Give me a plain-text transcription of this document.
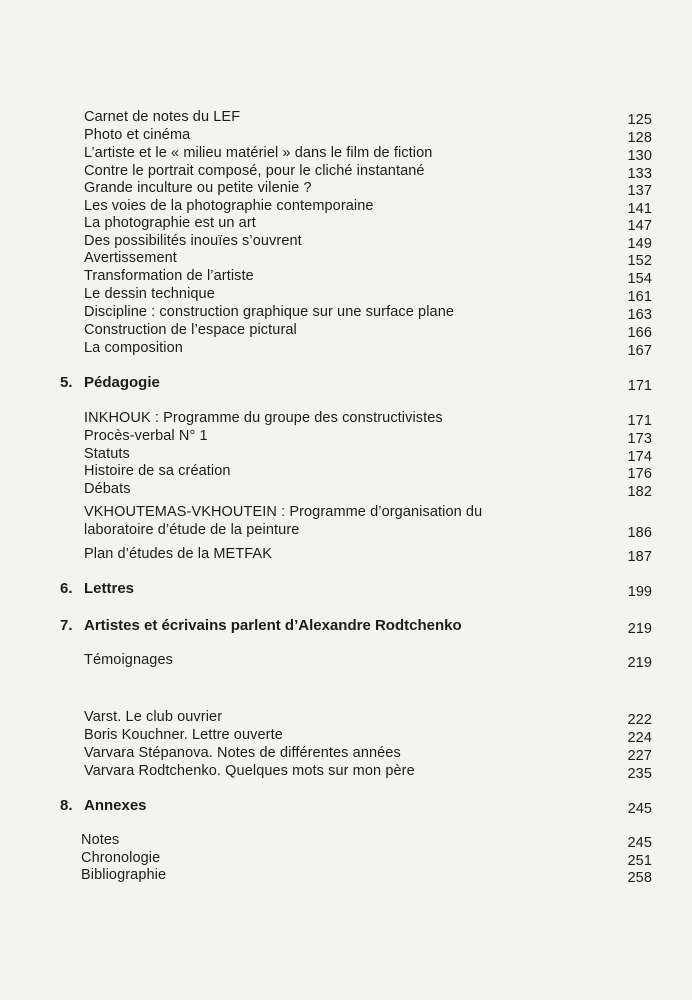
Carnet de notes du LEF	125
Photo et cinéma	128
L’artiste et le « milieu matériel » dans le film de fiction	130
Contre le portrait composé, pour le cliché instantané	133
Grande inculture ou petite vilenie ?	137
Les voies de la photographie contemporaine	141
La photographie est un art	147
Des possibilités inouïes s’ouvrent	149
Avertissement	152
Transformation de l’artiste	154
Le dessin technique	161
Discipline : construction graphique sur une surface plane	163
Construction de l’espace pictural	166
La composition	167
5. Pédagogie	171
INKHOUK : Programme du groupe des constructivistes	171
Procès-verbal N° 1	173
Statuts	174
Histoire de sa création	176
Débats	182
VKHOUTEMAS-VKHOUTEIN : Programme d’organisation du laboratoire d’étude de la peinture	186
Plan d’études de la METFAK	187
6. Lettres	199
7. Artistes et écrivains parlent d’Alexandre Rodtchenko	219
Témoignages	219
Varst. Le club ouvrier	222
Boris Kouchner. Lettre ouverte	224
Varvara Stépanova. Notes de différentes années	227
Varvara Rodtchenko. Quelques mots sur mon père	235
8. Annexes	245
Notes	245
Chronologie	251
Bibliographie	258
